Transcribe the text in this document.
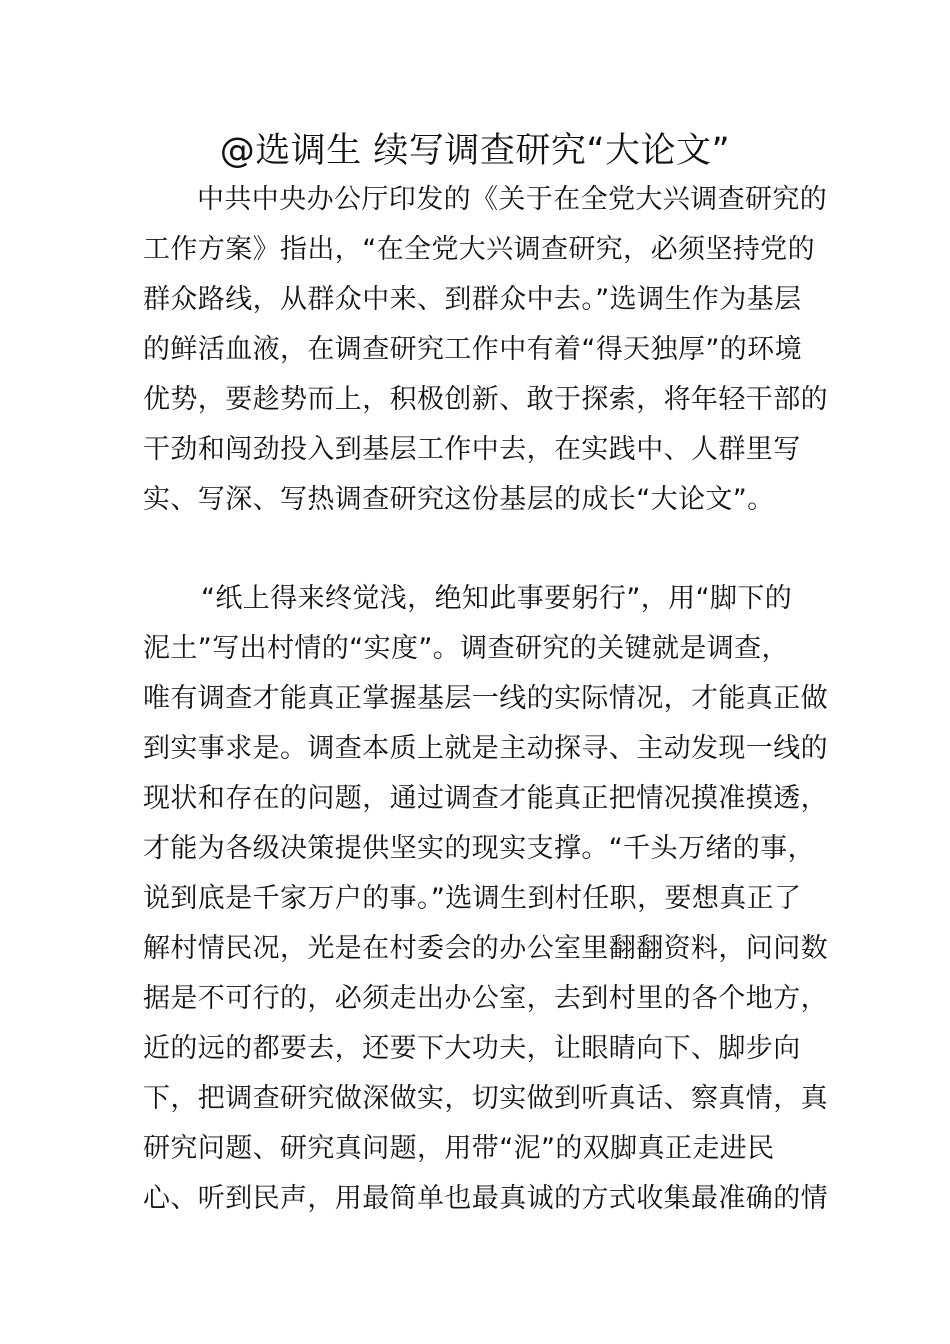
@选调生 续写调查研究“大论文”
中共中央办公厅印发的《关于在全党大兴调查研究的
工作方案》指出，“在全党大兴调查研究，必须坚持党的
群众路线，从群众中来、到群众中去。”选调生作为基层
的鲜活血液，在调查研究工作中有着“得天独厚”的环境
优势，要趁势而上，积极创新、敢于探索，将年轻干部的
干劲和闯劲投入到基层工作中去，在实践中、人群里写
实、写深、写热调查研究这份基层的成长“大论文”。
“纸上得来终觉浅，绝知此事要躬行”，用“脚下的
泥土”写出村情的“实度”。调查研究的关键就是调查，
唯有调查才能真正掌握基层一线的实际情况，才能真正做
到实事求是。调查本质上就是主动探寻、主动发现一线的
现状和存在的问题，通过调查才能真正把情况摸准摸透，
才能为各级决策提供坚实的现实支撑。“千头万绪的事，
说到底是千家万户的事。”选调生到村任职，要想真正了
解村情民况，光是在村委会的办公室里翻翻资料，问问数
据是不可行的，必须走出办公室，去到村里的各个地方，
近的远的都要去，还要下大功夫，让眼睛向下、脚步向
下，把调查研究做深做实，切实做到听真话、察真情，真
研究问题、研究真问题，用带“泥”的双脚真正走进民
心、听到民声，用最简单也最真诚的方式收集最准确的情
